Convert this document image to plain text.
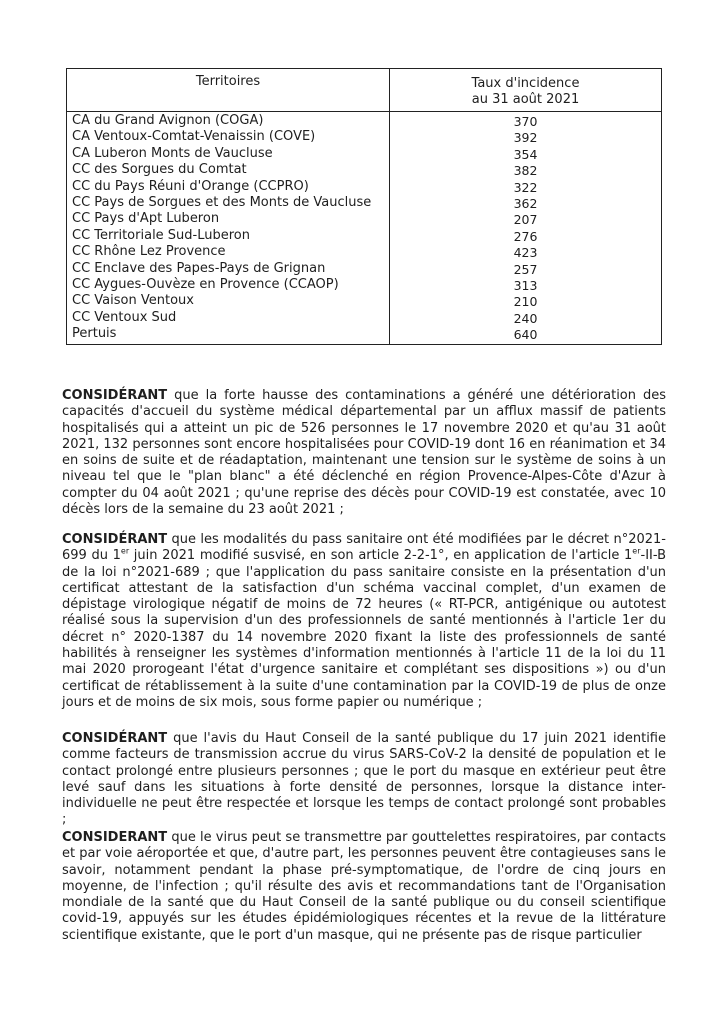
Territoires	Taux d'incidence
au 31 août 2021
CA du Grand Avignon (COGA)	370
CA Ventoux-Comtat-Venaissin (COVE)	392
CA Luberon Monts de Vaucluse	354
CC des Sorgues du Comtat	382
CC du Pays Réuni d'Orange (CCPRO)	322
CC Pays de Sorgues et des Monts de Vaucluse	362
CC Pays d'Apt Luberon	207
CC Territoriale Sud-Luberon	276
CC Rhône Lez Provence	423
CC Enclave des Papes-Pays de Grignan	257
CC Aygues-Ouvèze en Provence (CCAOP)	313
CC Vaison Ventoux	210
CC Ventoux Sud	240
Pertuis	640

CONSIDÉRANT que la forte hausse des contaminations a généré une détérioration des capacités d'accueil du système médical départemental par un afflux massif de patients hospitalisés qui a atteint un pic de 526 personnes le 17 novembre 2020 et qu'au 31 août 2021, 132 personnes sont encore hospitalisées pour COVID-19 dont 16 en réanimation et 34 en soins de suite et de réadaptation, maintenant une tension sur le système de soins à un niveau tel que le "plan blanc" a été déclenché en région Provence-Alpes-Côte d'Azur à compter du 04 août 2021 ; qu'une reprise des décès pour COVID-19 est constatée, avec 10 décès lors de la semaine du 23 août 2021 ;

CONSIDÉRANT que les modalités du pass sanitaire ont été modifiées par le décret n°2021-699 du 1er juin 2021 modifié susvisé, en son article 2-2-1°, en application de l'article 1er-II-B de la loi n°2021-689 ; que l'application du pass sanitaire consiste en la présentation d'un certificat attestant de la satisfaction d'un schéma vaccinal complet, d'un examen de dépistage virologique négatif de moins de 72 heures (« RT-PCR, antigénique ou autotest réalisé sous la supervision d'un des professionnels de santé mentionnés à l'article 1er du décret n° 2020-1387 du 14 novembre 2020 fixant la liste des professionnels de santé habilités à renseigner les systèmes d'information mentionnés à l'article 11 de la loi du 11 mai 2020 prorogeant l'état d'urgence sanitaire et complétant ses dispositions ») ou d'un certificat de rétablissement à la suite d'une contamination par la COVID-19 de plus de onze jours et de moins de six mois, sous forme papier ou numérique ;

CONSIDÉRANT que l'avis du Haut Conseil de la santé publique du 17 juin 2021 identifie comme facteurs de transmission accrue du virus SARS-CoV-2 la densité de population et le contact prolongé entre plusieurs personnes ; que le port du masque en extérieur peut être levé sauf dans les situations à forte densité de personnes, lorsque la distance inter-individuelle ne peut être respectée et lorsque les temps de contact prolongé sont probables ;

CONSIDERANT que le virus peut se transmettre par gouttelettes respiratoires, par contacts et par voie aéroportée et que, d'autre part, les personnes peuvent être contagieuses sans le savoir, notamment pendant la phase pré-symptomatique, de l'ordre de cinq jours en moyenne, de l'infection ; qu'il résulte des avis et recommandations tant de l'Organisation mondiale de la santé que du Haut Conseil de la santé publique ou du conseil scientifique covid-19, appuyés sur les études épidémiologiques récentes et la revue de la littérature scientifique existante, que le port d'un masque, qui ne présente pas de risque particulier
